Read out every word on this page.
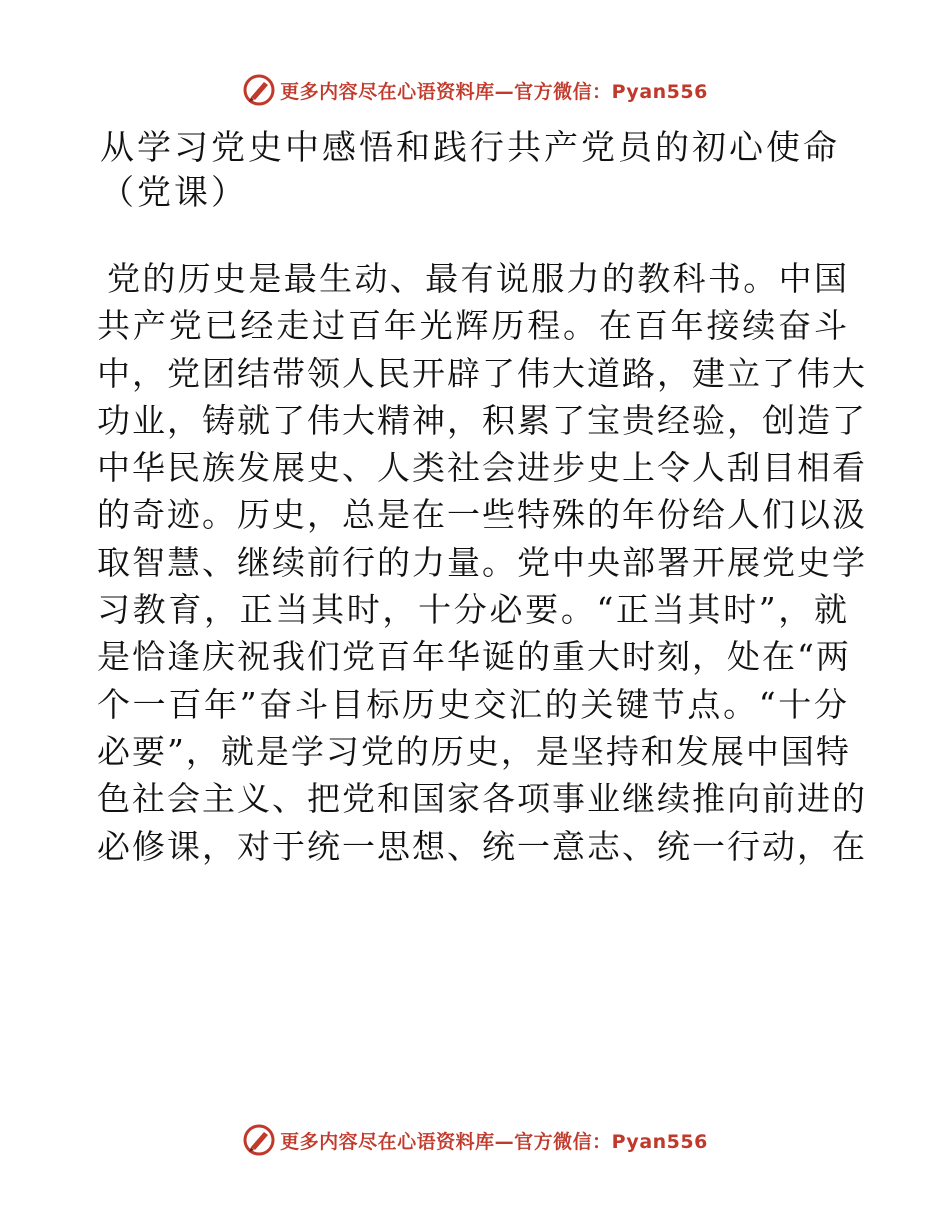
更多内容尽在心语资料库—官方微信：Pyan556
从学习党史中感悟和践行共产党员的初心使命
（党课）
党的历史是最生动、最有说服力的教科书。中国
共产党已经走过百年光辉历程。在百年接续奋斗
中，党团结带领人民开辟了伟大道路，建立了伟大
功业，铸就了伟大精神，积累了宝贵经验，创造了
中华民族发展史、人类社会进步史上令人刮目相看
的奇迹。历史，总是在一些特殊的年份给人们以汲
取智慧、继续前行的力量。党中央部署开展党史学
习教育，正当其时，十分必要。“正当其时”，就
是恰逢庆祝我们党百年华诞的重大时刻，处在“两
个一百年”奋斗目标历史交汇的关键节点。“十分
必要”，就是学习党的历史，是坚持和发展中国特
色社会主义、把党和国家各项事业继续推向前进的
必修课，对于统一思想、统一意志、统一行动，在
更多内容尽在心语资料库—官方微信：Pyan556
